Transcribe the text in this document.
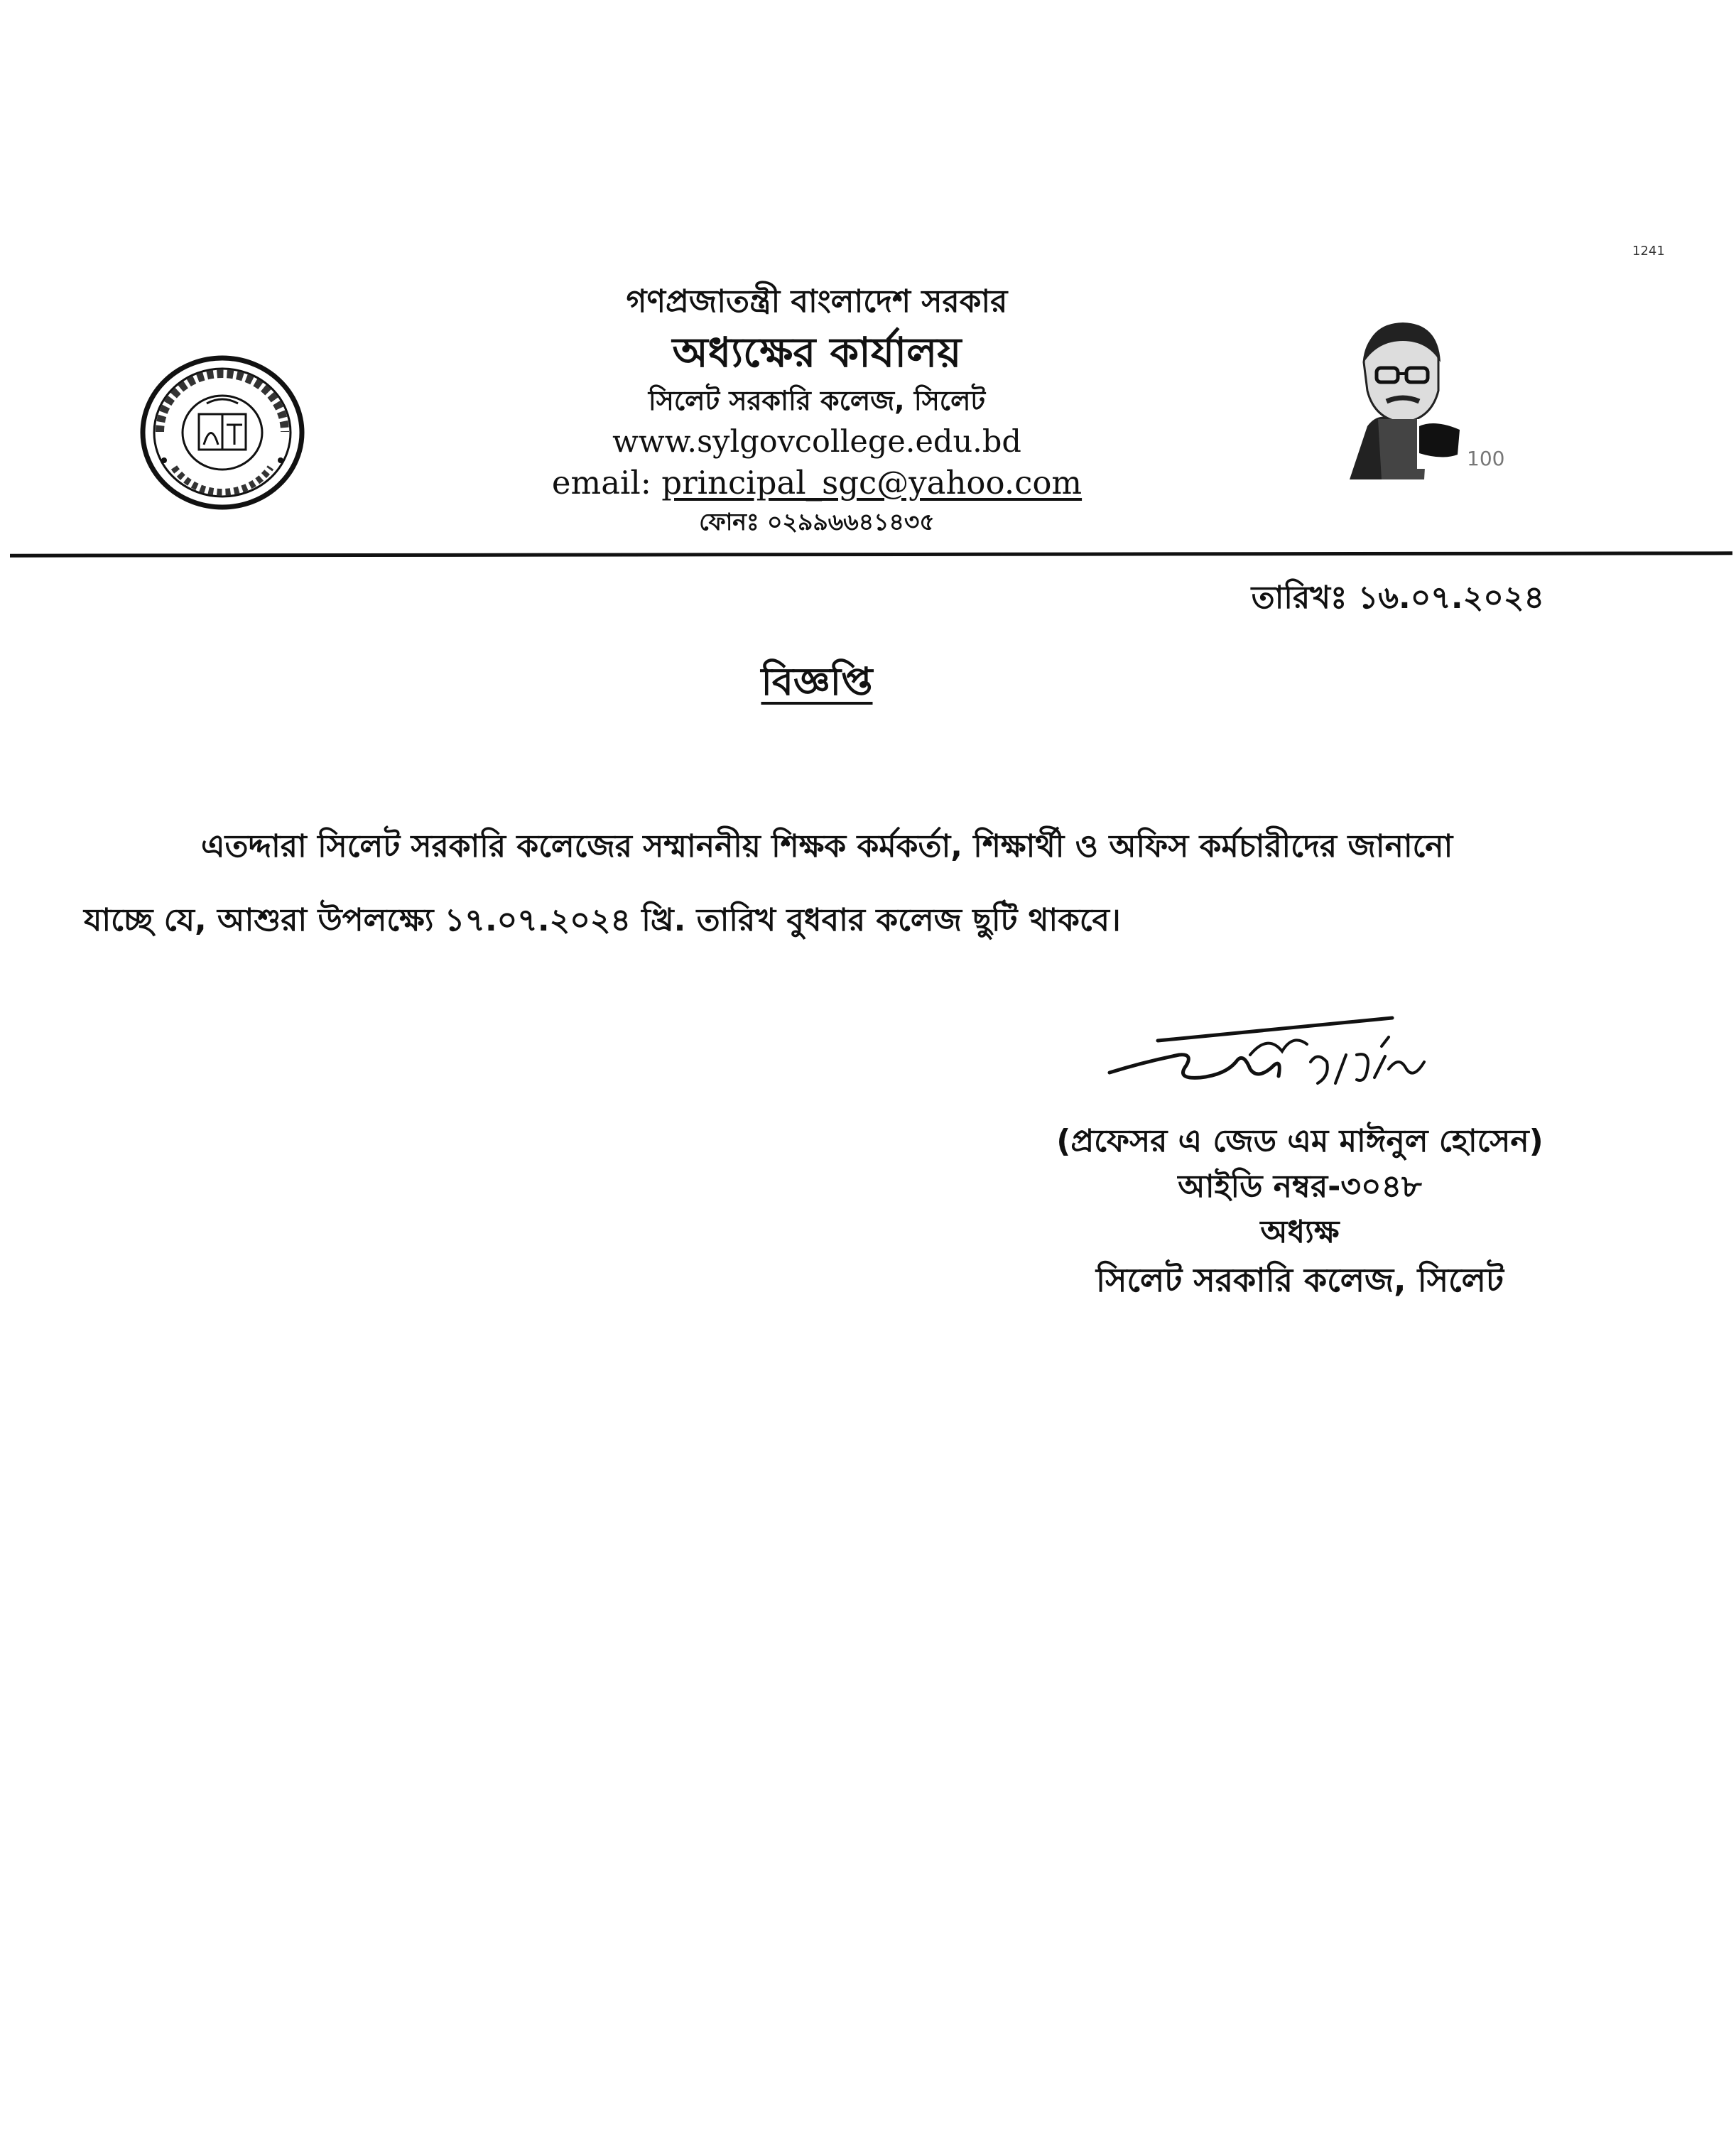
1241
100
গণপ্রজাতন্ত্রী বাংলাদেশ সরকার
অধ্যক্ষের কার্যালয়
সিলেট সরকারি কলেজ, সিলেট
www.sylgovcollege.edu.bd
email: principal_sgc@yahoo.com
ফোনঃ ০২৯৯৬৬৪১৪৩৫
তারিখঃ ১৬.০৭.২০২৪
বিজ্ঞপ্তি
এতদ্দারা সিলেট সরকারি কলেজের সম্মাননীয় শিক্ষক কর্মকর্তা, শিক্ষার্থী ও অফিস কর্মচারীদের জানানো
যাচ্ছে যে, আশুরা উপলক্ষ্যে ১৭.০৭.২০২৪ খ্রি. তারিখ বুধবার কলেজ ছুটি থাকবে।
(প্রফেসর এ জেড এম মাঈনুল হোসেন)
আইডি নম্বর-৩০৪৮
অধ্যক্ষ
সিলেট সরকারি কলেজ, সিলেট
